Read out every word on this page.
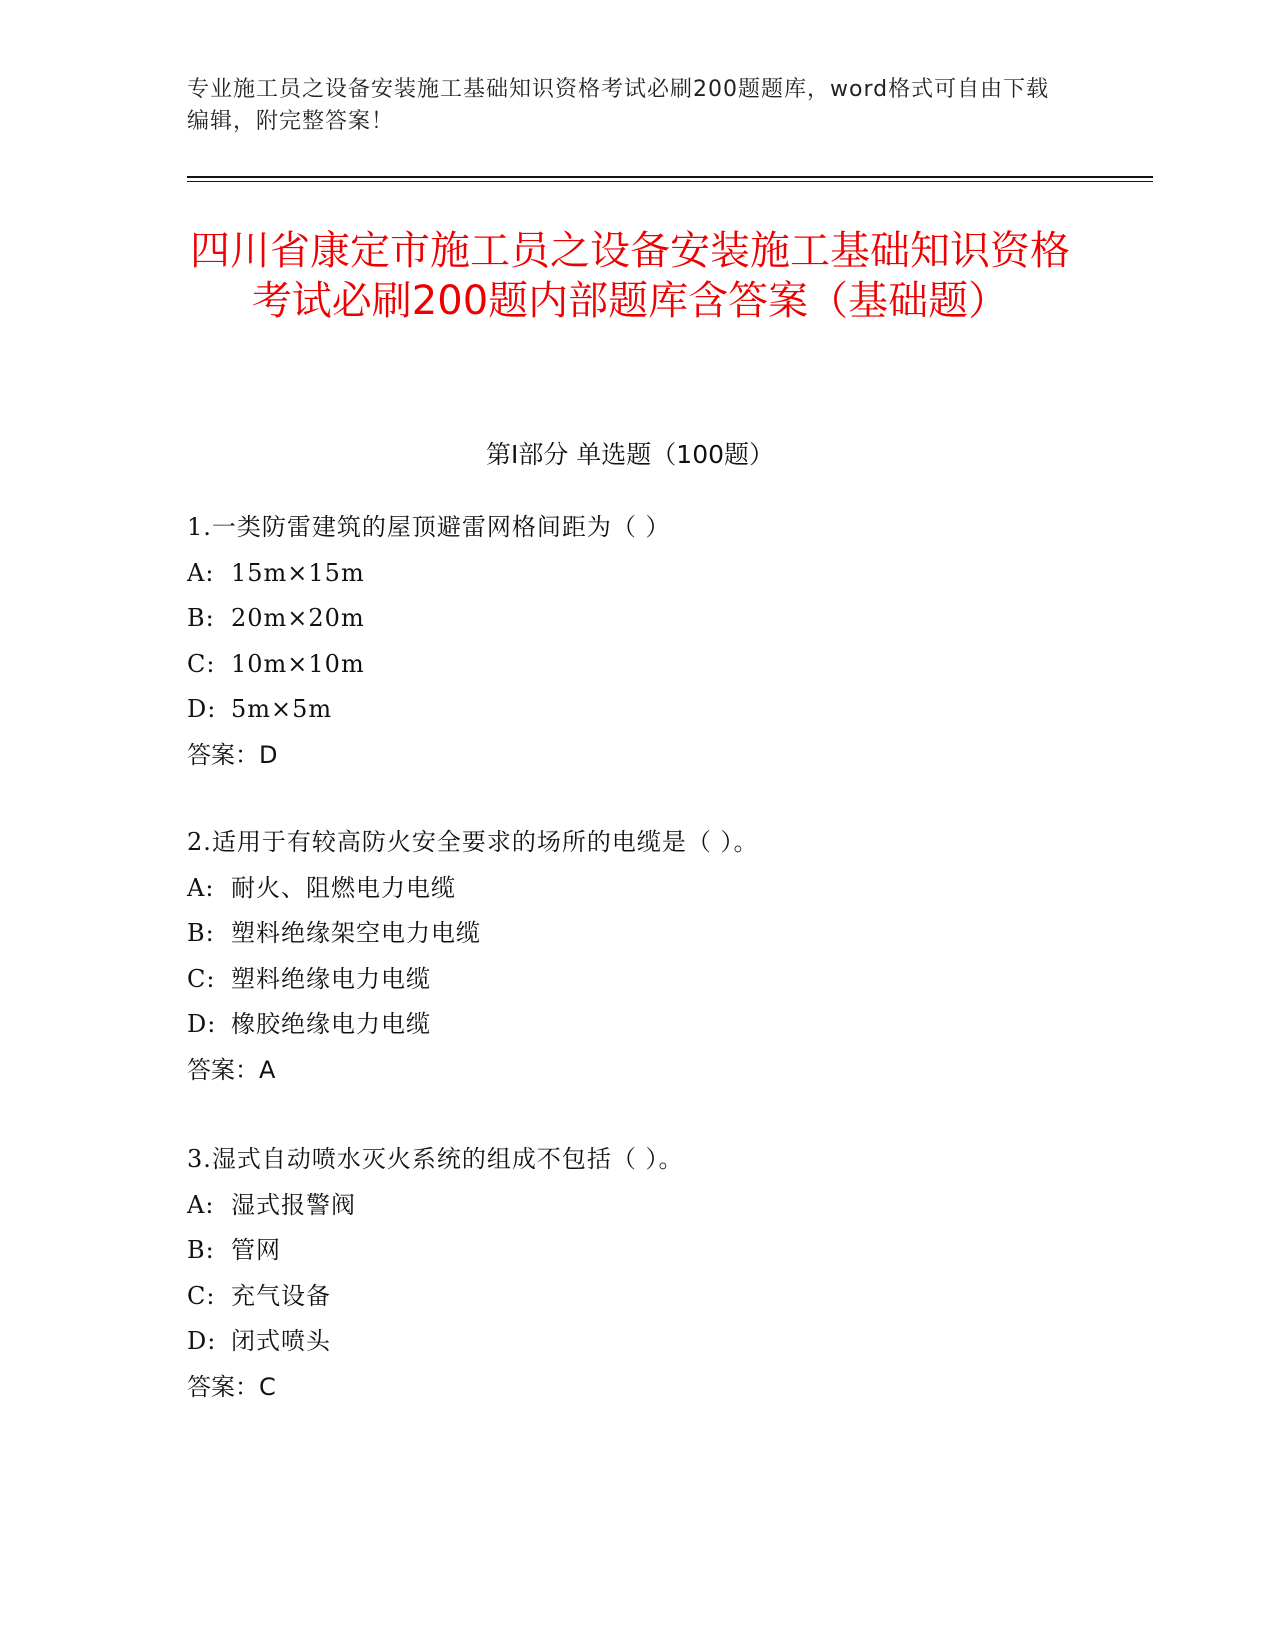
专业施工员之设备安装施工基础知识资格考试必刷200题题库，word格式可自由下载编辑，附完整答案！
四川省康定市施工员之设备安装施工基础知识资格考试必刷200题内部题库含答案（基础题）
第Ⅰ部分 单选题（100题）
1.一类防雷建筑的屋顶避雷网格间距为（ ）
A: 15m×15m
B: 20m×20m
C: 10m×10m
D: 5m×5m
答案：D
2.适用于有较高防火安全要求的场所的电缆是（ ）。
A: 耐火、阻燃电力电缆
B: 塑料绝缘架空电力电缆
C: 塑料绝缘电力电缆
D: 橡胶绝缘电力电缆
答案：A
3.湿式自动喷水灭火系统的组成不包括（ ）。
A: 湿式报警阀
B: 管网
C: 充气设备
D: 闭式喷头
答案：C
